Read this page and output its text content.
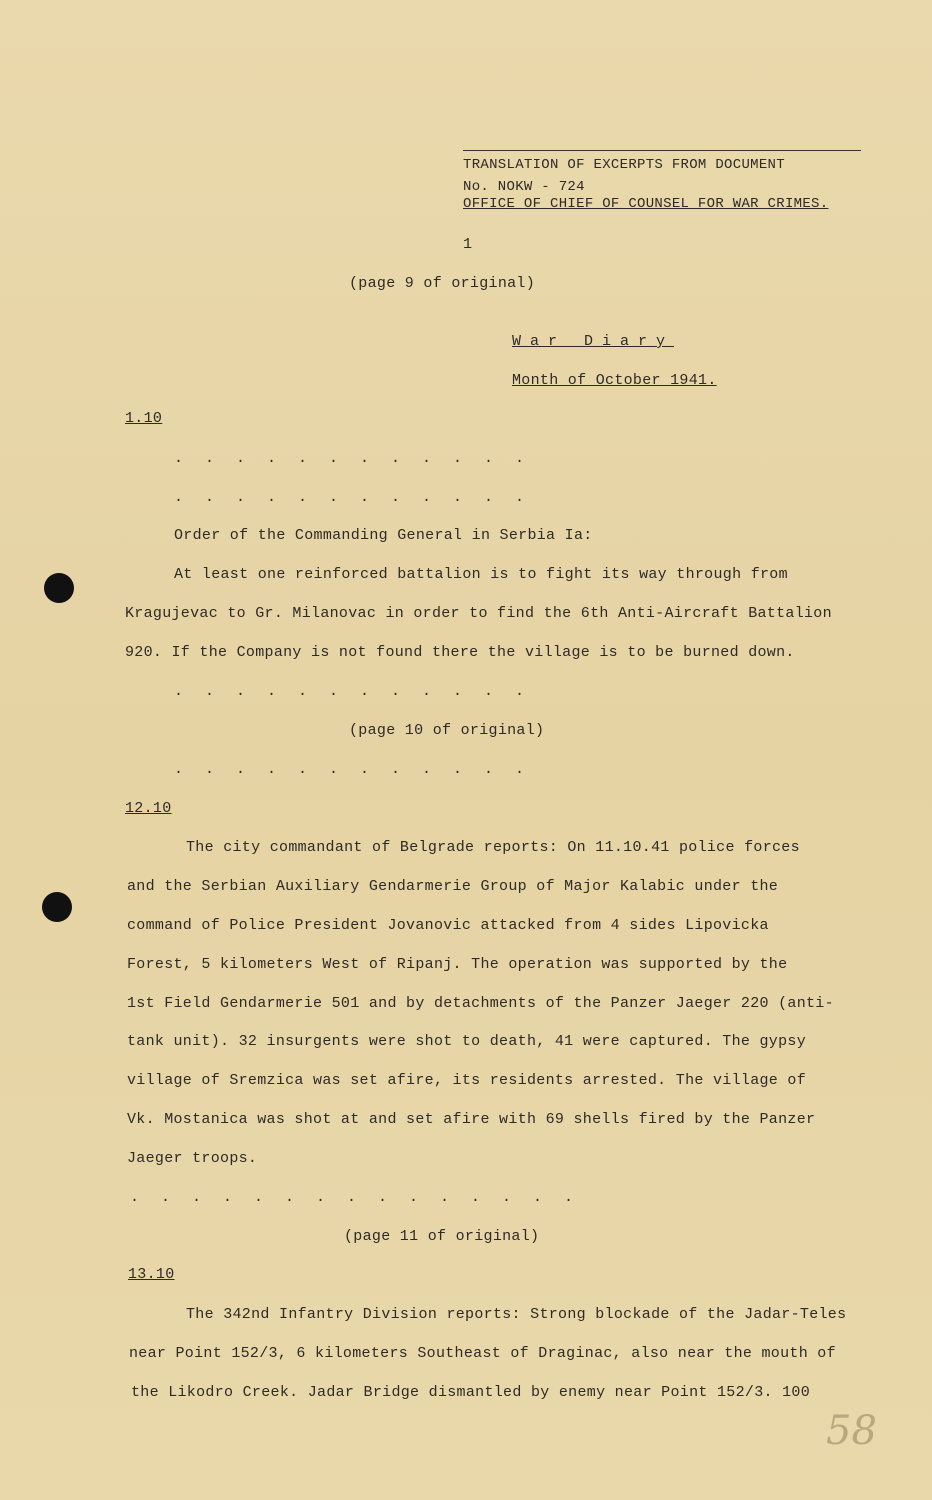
TRANSLATION OF EXCERPTS FROM DOCUMENT
No. NOKW - 724
OFFICE OF CHIEF OF COUNSEL FOR WAR CRIMES.
1
(page 9 of original)
War Diary
Month of October 1941.
1.10
. . . . . . . . . . . .
. . . . . . . . . . . .
Order of the Commanding General in Serbia Ia:
At least one reinforced battalion is to fight its way through from
Kragujevac to Gr. Milanovac in order to find the 6th Anti-Aircraft Battalion
920. If the Company is not found there the village is to be burned down.
. . . . . . . . . . . .
(page 10 of original)
. . . . . . . . . . . .
12.10
The city commandant of Belgrade reports: On 11.10.41 police forces
and the Serbian Auxiliary Gendarmerie Group of Major Kalabic under the
command of Police President Jovanovic attacked from 4 sides Lipovicka
Forest, 5 kilometers West of Ripanj. The operation was supported by the
1st Field Gendarmerie 501 and by detachments of the Panzer Jaeger 220 (anti-
tank unit). 32 insurgents were shot to death, 41 were captured. The gypsy
village of Sremzica was set afire, its residents arrested. The village of
Vk. Mostanica was shot at and set afire with 69 shells fired by the Panzer
Jaeger troops.
. . . . . . . . . . . . . . .
(page 11 of original)
13.10
The 342nd Infantry Division reports: Strong blockade of the Jadar-Teles
near Point 152/3, 6 kilometers Southeast of Draginac, also near the mouth of
the Likodro Creek. Jadar Bridge dismantled by enemy near Point 152/3. 100
58
